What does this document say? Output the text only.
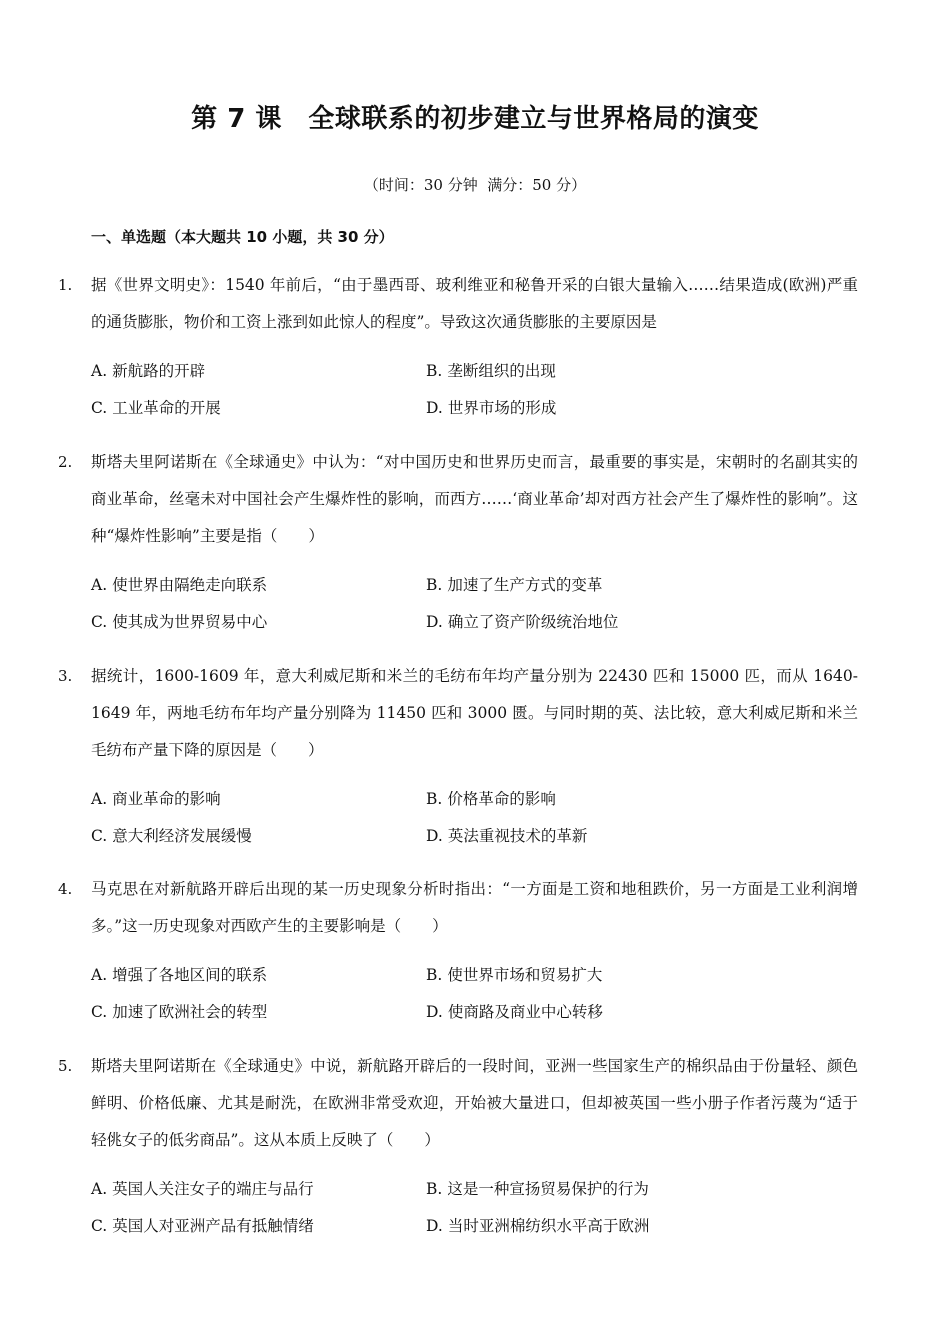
第 7 课　全球联系的初步建立与世界格局的演变
（时间：30 分钟  满分：50 分）
一、单选题（本大题共 10 小题，共 30 分）
1. 据《世界文明史》：1540 年前后，“由于墨西哥、玻利维亚和秘鲁开采的白银大量输入……结果造成(欧洲)严重的通货膨胀，物价和工资上涨到如此惊人的程度”。导致这次通货膨胀的主要原因是
A. 新航路的开辟	B. 垄断组织的出现
C. 工业革命的开展	D. 世界市场的形成
2. 斯塔夫里阿诺斯在《全球通史》中认为：“对中国历史和世界历史而言，最重要的事实是，宋朝时的名副其实的商业革命，丝毫未对中国社会产生爆炸性的影响，而西方……‘商业革命’却对西方社会产生了爆炸性的影响”。这种“爆炸性影响”主要是指（　　）
A. 使世界由隔绝走向联系	B. 加速了生产方式的变革
C. 使其成为世界贸易中心	D. 确立了资产阶级统治地位
3. 据统计，1600-1609 年，意大利威尼斯和米兰的毛纺布年均产量分别为 22430 匹和 15000 匹，而从 1640-1649 年，两地毛纺布年均产量分别降为 11450 匹和 3000 匮。与同时期的英、法比较，意大利威尼斯和米兰毛纺布产量下降的原因是（　　）
A. 商业革命的影响	B. 价格革命的影响
C. 意大利经济发展缓慢	D. 英法重视技术的革新
4. 马克思在对新航路开辟后出现的某一历史现象分析时指出：“一方面是工资和地租跌价，另一方面是工业利润增多。”这一历史现象对西欧产生的主要影响是（　　）
A. 增强了各地区间的联系	B. 使世界市场和贸易扩大
C. 加速了欧洲社会的转型	D. 使商路及商业中心转移
5. 斯塔夫里阿诺斯在《全球通史》中说，新航路开辟后的一段时间，亚洲一些国家生产的棉织品由于份量轻、颜色鲜明、价格低廉、尤其是耐洗，在欧洲非常受欢迎，开始被大量进口，但却被英国一些小册子作者污蔑为“适于轻佻女子的低劣商品”。这从本质上反映了（　　）
A. 英国人关注女子的端庄与品行	B. 这是一种宣扬贸易保护的行为
C. 英国人对亚洲产品有抵触情绪	D. 当时亚洲棉纺织水平高于欧洲
